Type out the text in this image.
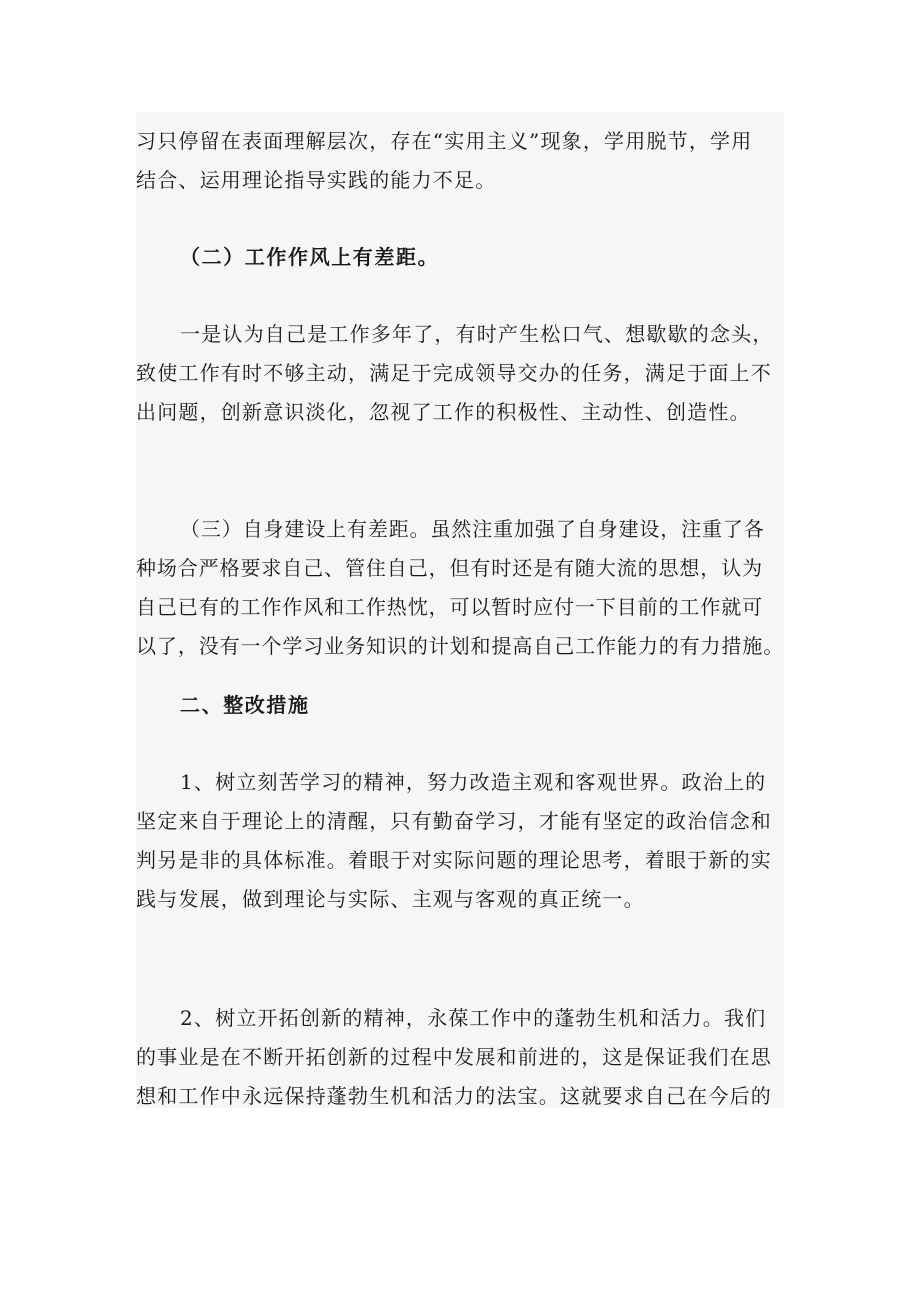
习只停留在表面理解层次，存在“实用主义”现象，学用脱节，学用
结合、运用理论指导实践的能力不足。
（二）工作作风上有差距。
一是认为自己是工作多年了，有时产生松口气、想歇歇的念头，
致使工作有时不够主动，满足于完成领导交办的任务，满足于面上不
出问题，创新意识淡化，忽视了工作的积极性、主动性、创造性。
（三）自身建设上有差距。虽然注重加强了自身建设，注重了各
种场合严格要求自己、管住自己，但有时还是有随大流的思想，认为
自己已有的工作作风和工作热忱，可以暂时应付一下目前的工作就可
以了，没有一个学习业务知识的计划和提高自己工作能力的有力措施。
二、整改措施
1、树立刻苦学习的精神，努力改造主观和客观世界。政治上的
坚定来自于理论上的清醒，只有勤奋学习，才能有坚定的政治信念和
判另是非的具体标准。着眼于对实际问题的理论思考，着眼于新的实
践与发展，做到理论与实际、主观与客观的真正统一。
2、树立开拓创新的精神，永葆工作中的蓬勃生机和活力。我们
的事业是在不断开拓创新的过程中发展和前进的，这是保证我们在思
想和工作中永远保持蓬勃生机和活力的法宝。这就要求自己在今后的
